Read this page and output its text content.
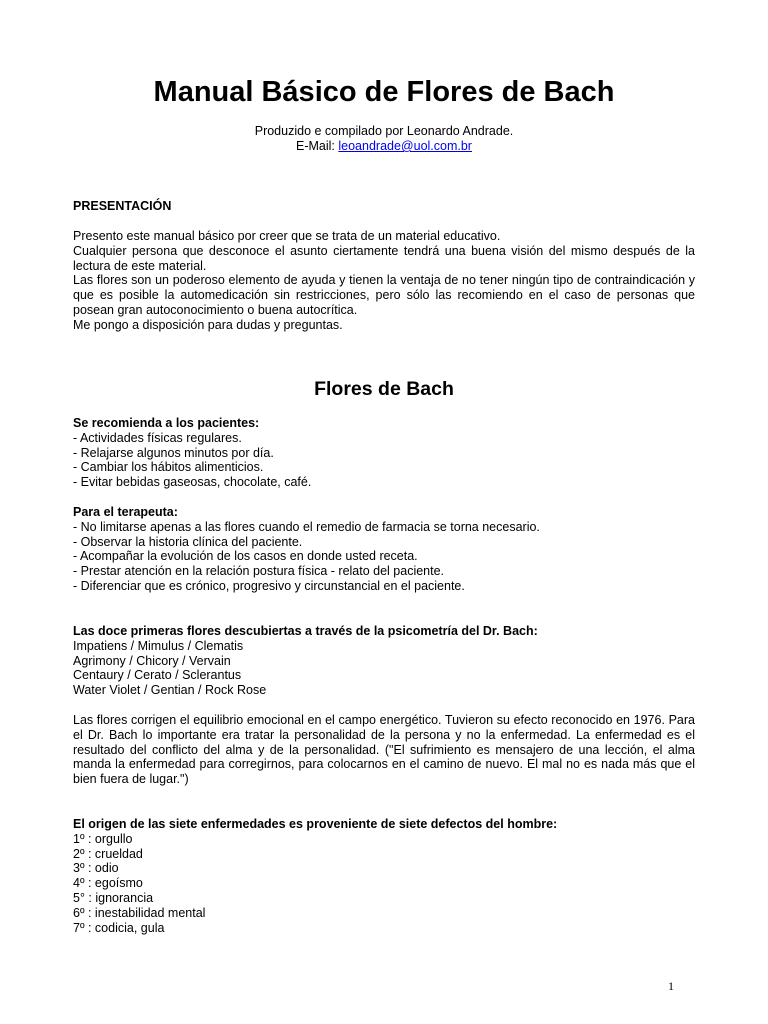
Manual Básico de Flores de Bach
Produzido e compilado por Leonardo Andrade.
E-Mail: leoandrade@uol.com.br

PRESENTACIÓN

Presento este manual básico por creer que se trata de un material educativo.

Cualquier persona que desconoce el asunto ciertamente tendrá una buena visión del mismo después de la lectura de este material.

Las flores son un poderoso elemento de ayuda y tienen la ventaja de no tener ningún tipo de contraindicación y que es posible la automedicación sin restricciones, pero sólo las recomiendo en el caso de personas que posean gran autoconocimiento o buena autocrítica.

Me pongo a disposición para dudas y preguntas.

Flores de Bach

Se recomienda a los pacientes:

- Actividades físicas regulares.
- Relajarse algunos minutos por día.
- Cambiar los hábitos alimenticios.
- Evitar bebidas gaseosas, chocolate, café.

Para el terapeuta:

- No limitarse apenas a las flores cuando el remedio de farmacia se torna necesario.
- Observar la historia clínica del paciente.
- Acompañar la evolución de los casos en donde usted receta.
- Prestar atención en la relación postura física - relato del paciente.
- Diferenciar que es crónico, progresivo y circunstancial en el paciente.

Las doce primeras flores descubiertas a través de la psicometría del Dr. Bach:

Impatiens / Mimulus / Clematis
Agrimony / Chicory / Vervain
Centaury / Cerato / Sclerantus
Water Violet / Gentian / Rock Rose

Las flores corrigen el equilibrio emocional en el campo energético. Tuvieron su efecto reconocido en 1976. Para el Dr. Bach lo importante era tratar la personalidad de la persona y no la enfermedad. La enfermedad es el resultado del conflicto del alma y de la personalidad. ("El sufrimiento es mensajero de una lección, el alma manda la enfermedad para corregirnos, para colocarnos en el camino de nuevo. El mal no es nada más que el bien fuera de lugar.")

El origen de las siete enfermedades es proveniente de siete defectos del hombre:

1º : orgullo
2º : crueldad
3º : odio
4º : egoísmo
5° : ignorancia
6º : inestabilidad mental
7º : codicia, gula
1
